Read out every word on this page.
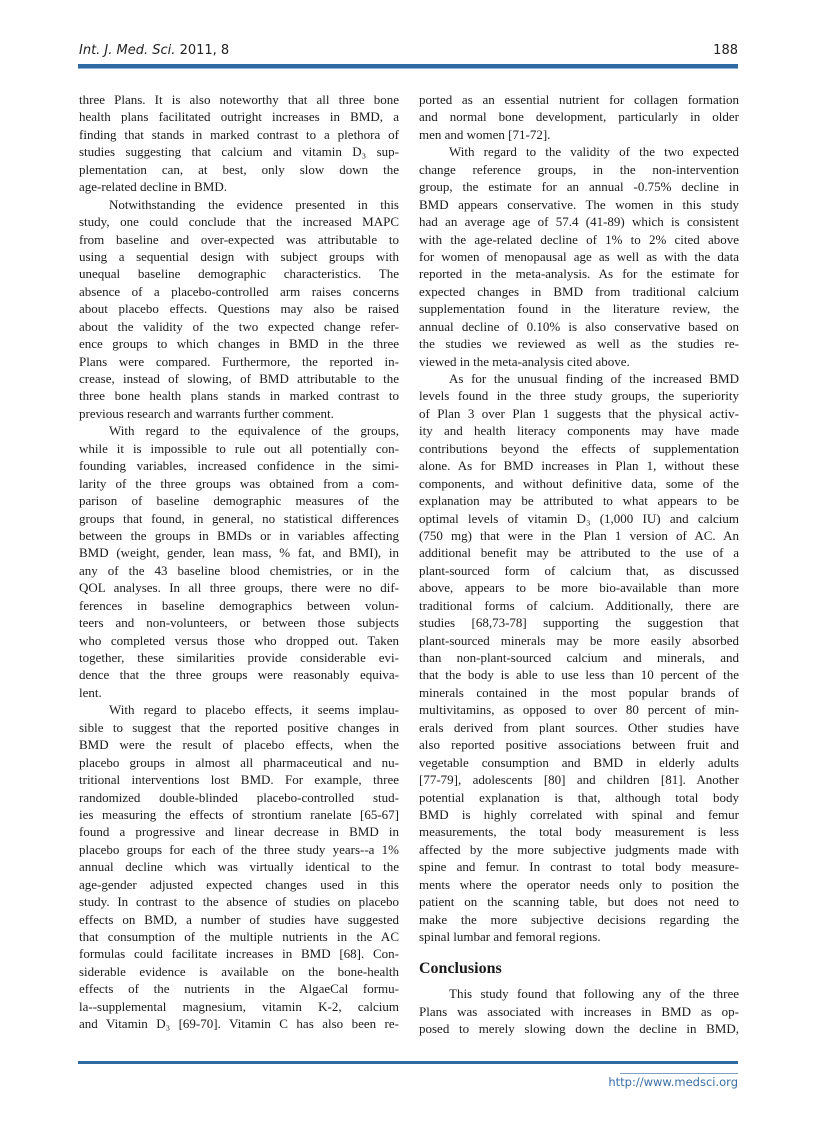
Int. J. Med. Sci. 2011, 8	188
three Plans. It is also noteworthy that all three bone
health plans facilitated outright increases in BMD, a
finding that stands in marked contrast to a plethora of
studies suggesting that calcium and vitamin D₃ sup-
plementation can, at best, only slow down the
age-related decline in BMD.
Notwithstanding the evidence presented in this
study, one could conclude that the increased MAPC
from baseline and over-expected was attributable to
using a sequential design with subject groups with
unequal baseline demographic characteristics. The
absence of a placebo-controlled arm raises concerns
about placebo effects. Questions may also be raised
about the validity of the two expected change refer-
ence groups to which changes in BMD in the three
Plans were compared. Furthermore, the reported in-
crease, instead of slowing, of BMD attributable to the
three bone health plans stands in marked contrast to
previous research and warrants further comment.
With regard to the equivalence of the groups,
while it is impossible to rule out all potentially con-
founding variables, increased confidence in the simi-
larity of the three groups was obtained from a com-
parison of baseline demographic measures of the
groups that found, in general, no statistical differences
between the groups in BMDs or in variables affecting
BMD (weight, gender, lean mass, % fat, and BMI), in
any of the 43 baseline blood chemistries, or in the
QOL analyses. In all three groups, there were no dif-
ferences in baseline demographics between volun-
teers and non-volunteers, or between those subjects
who completed versus those who dropped out. Taken
together, these similarities provide considerable evi-
dence that the three groups were reasonably equiva-
lent.
With regard to placebo effects, it seems implau-
sible to suggest that the reported positive changes in
BMD were the result of placebo effects, when the
placebo groups in almost all pharmaceutical and nu-
tritional interventions lost BMD. For example, three
randomized double-blinded placebo-controlled stud-
ies measuring the effects of strontium ranelate [65-67]
found a progressive and linear decrease in BMD in
placebo groups for each of the three study years--a 1%
annual decline which was virtually identical to the
age-gender adjusted expected changes used in this
study. In contrast to the absence of studies on placebo
effects on BMD, a number of studies have suggested
that consumption of the multiple nutrients in the AC
formulas could facilitate increases in BMD [68]. Con-
siderable evidence is available on the bone-health
effects of the nutrients in the AlgaeCal formu-
la--supplemental magnesium, vitamin K-2, calcium
and Vitamin D₃ [69-70]. Vitamin C has also been re-
ported as an essential nutrient for collagen formation
and normal bone development, particularly in older
men and women [71-72].
With regard to the validity of the two expected
change reference groups, in the non-intervention
group, the estimate for an annual -0.75% decline in
BMD appears conservative. The women in this study
had an average age of 57.4 (41-89) which is consistent
with the age-related decline of 1% to 2% cited above
for women of menopausal age as well as with the data
reported in the meta-analysis. As for the estimate for
expected changes in BMD from traditional calcium
supplementation found in the literature review, the
annual decline of 0.10% is also conservative based on
the studies we reviewed as well as the studies re-
viewed in the meta-analysis cited above.
As for the unusual finding of the increased BMD
levels found in the three study groups, the superiority
of Plan 3 over Plan 1 suggests that the physical activ-
ity and health literacy components may have made
contributions beyond the effects of supplementation
alone. As for BMD increases in Plan 1, without these
components, and without definitive data, some of the
explanation may be attributed to what appears to be
optimal levels of vitamin D₃ (1,000 IU) and calcium
(750 mg) that were in the Plan 1 version of AC. An
additional benefit may be attributed to the use of a
plant-sourced form of calcium that, as discussed
above, appears to be more bio-available than more
traditional forms of calcium. Additionally, there are
studies [68,73-78] supporting the suggestion that
plant-sourced minerals may be more easily absorbed
than non-plant-sourced calcium and minerals, and
that the body is able to use less than 10 percent of the
minerals contained in the most popular brands of
multivitamins, as opposed to over 80 percent of min-
erals derived from plant sources. Other studies have
also reported positive associations between fruit and
vegetable consumption and BMD in elderly adults
[77-79], adolescents [80] and children [81]. Another
potential explanation is that, although total body
BMD is highly correlated with spinal and femur
measurements, the total body measurement is less
affected by the more subjective judgments made with
spine and femur. In contrast to total body measure-
ments where the operator needs only to position the
patient on the scanning table, but does not need to
make the more subjective decisions regarding the
spinal lumbar and femoral regions.
Conclusions
This study found that following any of the three
Plans was associated with increases in BMD as op-
posed to merely slowing down the decline in BMD,
http://www.medsci.org
